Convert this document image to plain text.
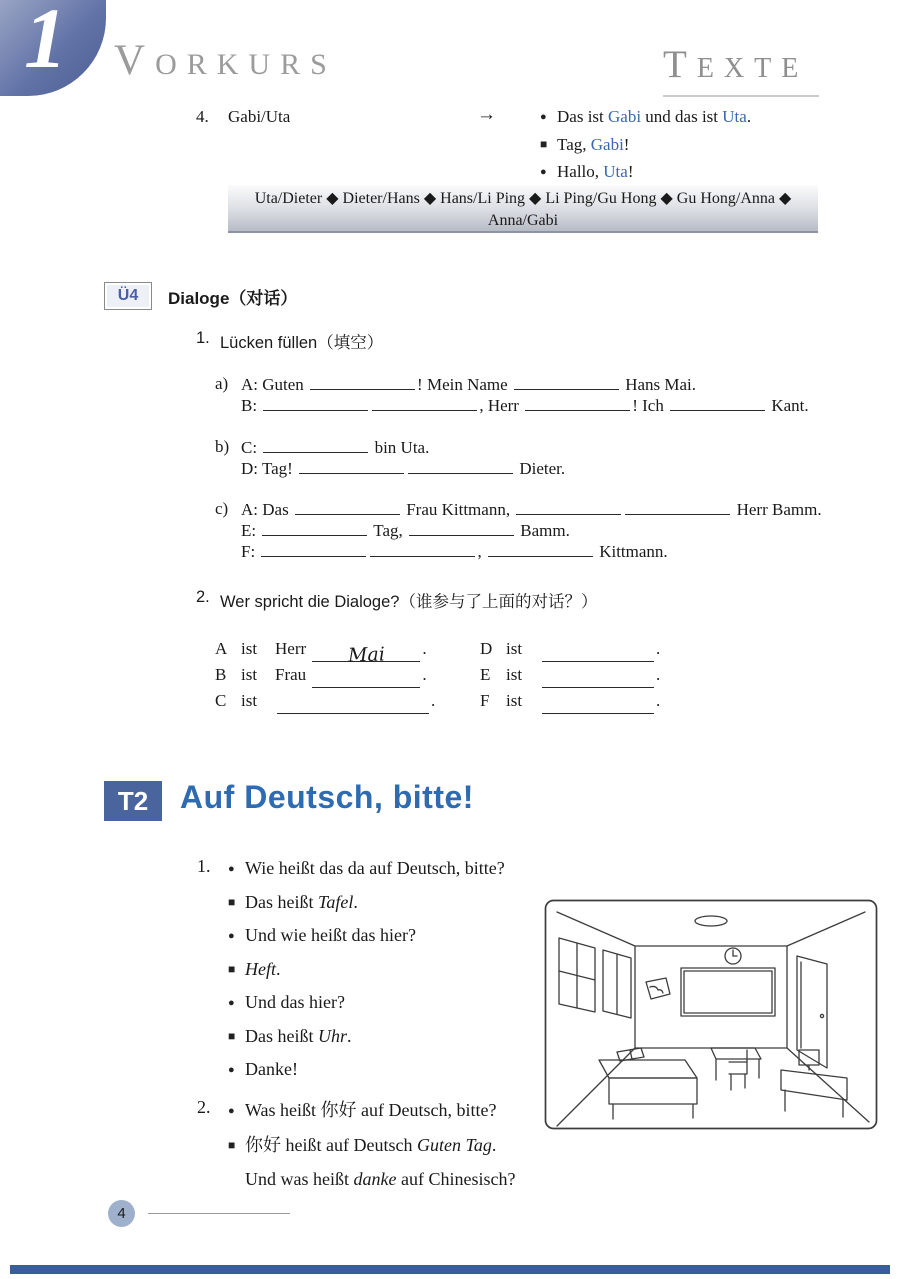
1 VORKURS	TEXTE
4. Gabi/Uta	→	● Das ist Gabi und das ist Uta.
■ Tag, Gabi!
● Hallo, Uta!
Uta/Dieter ◆ Dieter/Hans ◆ Hans/Li Ping ◆ Li Ping/Gu Hong ◆ Gu Hong/Anna ◆
Anna/Gabi
Ü4	Dialoge（对话）
1. Lücken füllen（填空）
a) A: Guten	! Mein Name	Hans Mai.
B:	, Herr	! Ich	Kant.
b) C:	bin Uta.
D: Tag!	Dieter.
c) A: Das	Frau Kittmann,	Herr Bamm.
E:	Tag,	Bamm.
F:	,	Kittmann.
2. Wer spricht die Dialoge?（谁参与了上面的对话？）
A ist Herr Mai .	D ist	.
B ist Frau	.	E ist	.
C ist	.	F ist	.
T2 Auf Deutsch, bitte!
1. ● Wie heißt das da auf Deutsch, bitte?
■ Das heißt Tafel.
● Und wie heißt das hier?
■ Heft.
● Und das hier?
■ Das heißt Uhr.
● Danke!
2. ● Was heißt 你好 auf Deutsch, bitte?
■ 你好 heißt auf Deutsch Guten Tag.
Und was heißt danke auf Chinesisch?
4
